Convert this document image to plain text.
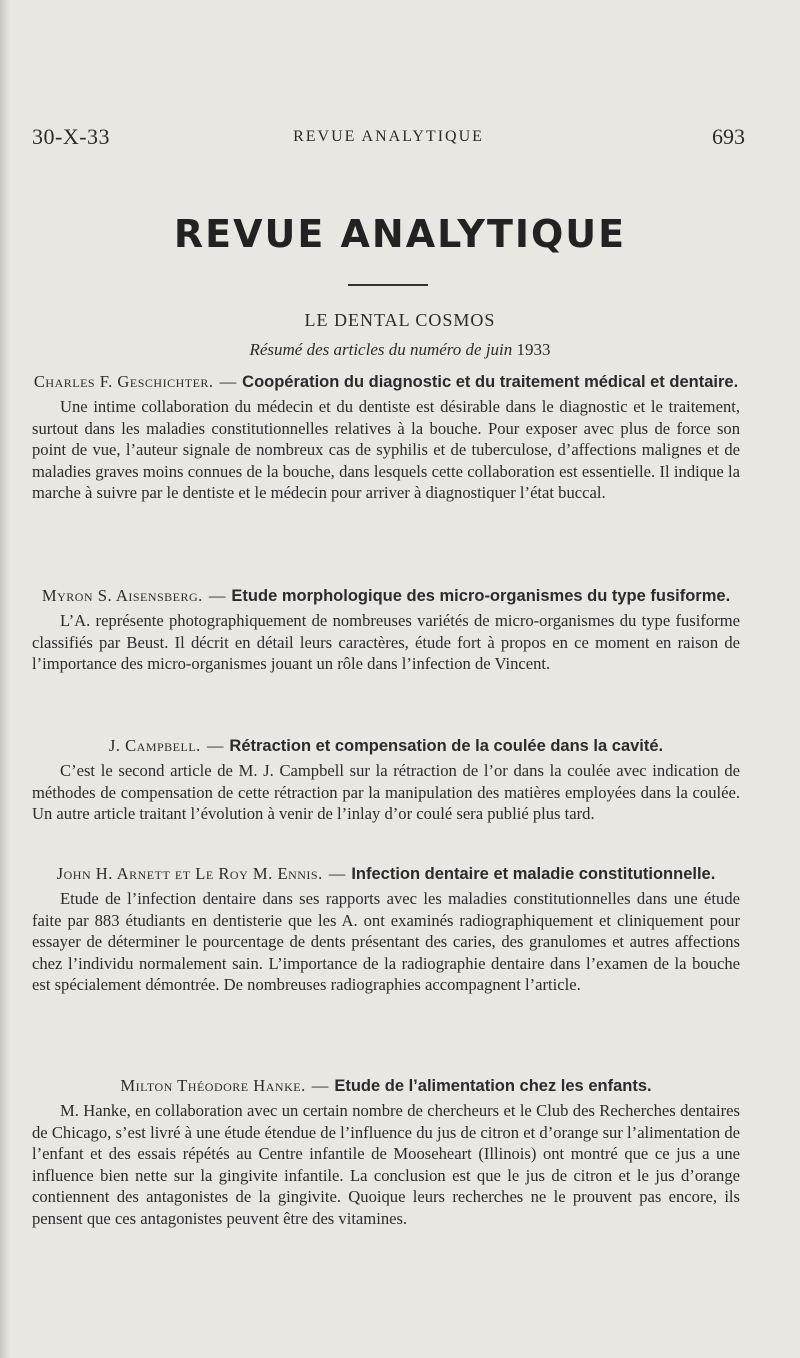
30-X-33	REVUE ANALYTIQUE	693
REVUE ANALYTIQUE
LE DENTAL COSMOS
Résumé des articles du numéro de juin 1933
Charles F. Geschichter. — Coopération du diagnostic et du traitement médical et dentaire.
Une intime collaboration du médecin et du dentiste est désirable dans le diagnostic et le traitement, surtout dans les maladies constitutionnelles relatives à la bouche. Pour exposer avec plus de force son point de vue, l’auteur signale de nombreux cas de syphilis et de tuberculose, d’affections malignes et de maladies graves moins connues de la bouche, dans lesquels cette collaboration est essentielle. Il indique la marche à suivre par le dentiste et le médecin pour arriver à diagnostiquer l’état buccal.
Myron S. Aisensberg. — Etude morphologique des micro-organismes du type fusiforme.
L’A. représente photographiquement de nombreuses variétés de micro-organismes du type fusiforme classifiés par Beust. Il décrit en détail leurs caractères, étude fort à propos en ce moment en raison de l’importance des micro-organismes jouant un rôle dans l’infection de Vincent.
J. Campbell. — Rétraction et compensation de la coulée dans la cavité.
C’est le second article de M. J. Campbell sur la rétraction de l’or dans la coulée avec indication de méthodes de compensation de cette rétraction par la manipulation des matières employées dans la coulée. Un autre article traitant l’évolution à venir de l’inlay d’or coulé sera publié plus tard.
John H. Arnett et Le Roy M. Ennis. — Infection dentaire et maladie constitutionnelle.
Etude de l’infection dentaire dans ses rapports avec les maladies constitutionnelles dans une étude faite par 883 étudiants en dentisterie que les A. ont examinés radiographiquement et cliniquement pour essayer de déterminer le pourcentage de dents présentant des caries, des granulomes et autres affections chez l’individu normalement sain. L’importance de la radiographie dentaire dans l’examen de la bouche est spécialement démontrée. De nombreuses radiographies accompagnent l’article.
Milton Théodore Hanke. — Etude de l’alimentation chez les enfants.
M. Hanke, en collaboration avec un certain nombre de chercheurs et le Club des Recherches dentaires de Chicago, s’est livré à une étude étendue de l’influence du jus de citron et d’orange sur l’alimentation de l’enfant et des essais répétés au Centre infantile de Mooseheart (Illinois) ont montré que ce jus a une influence bien nette sur la gingivite infantile. La conclusion est que le jus de citron et le jus d’orange contiennent des antagonistes de la gingivite. Quoique leurs recherches ne le prouvent pas encore, ils pensent que ces antagonistes peuvent être des vitamines.
